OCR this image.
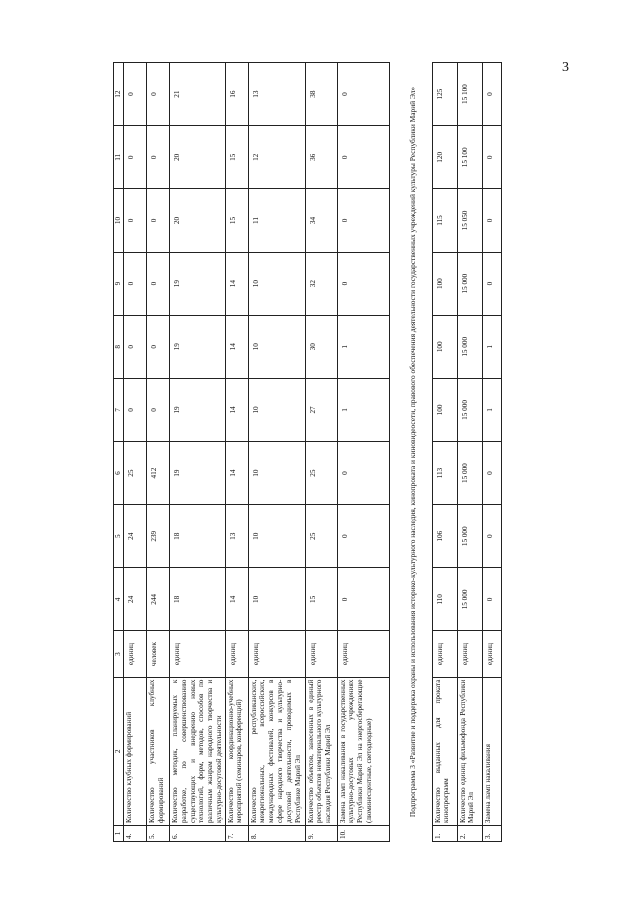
3
1	2	3	4	5	6	7	8	9	10	11	12
4.	Количество клубных формирований	единиц	24	24	25	0	0	0	0	0	0
5.	Количество участников клубных формирований	человек	244	239	412	0	0	0	0	0	0
6.	Количество методик, планируемых к разработке, по совершенствованию существующих и внедрению новых технологий, форм, методов, способов по различным жанрам народного творчества и культурно-досуговой деятельности	единиц	18	18	19	19	19	19	20	20	21
7.	Количество координационно-учебных мероприятий (семинаров, конференций)	единиц	14	13	14	14	14	14	15	15	16
8.	Количество республиканских, межрегиональных, всероссийских, международных фестивалей, конкурсов в сфере народного творчества и культурно-досуговой деятельности, проводимых в Республике Марий Эл	единиц	10	10	10	10	10	10	11	12	13
9.	Количество объектов, занесенных в единый реестр объектов нематериального культурного наследия Республики Марий Эл	единиц	15	25	25	27	30	32	34	36	38
10.	Замена ламп накаливания в государственных культурно-досуговых учреждениях Республики Марий Эл на энергосберегающие (люминесцентные, светодиодные)	единиц	0	0	0	1	1	0	0	0	0
Подпрограмма 3 «Развитие и поддержка охраны и использования историко-культурного наследия, кинопроката и киновидеосети, правового обеспечения деятельности государственных учреждений культуры Республики Марий Эл»											
1.	Количество выданных для проката кинопрограмм	единиц	110	106	113	100	100	100	115	120	125
2.	Количество единиц фильмофонда Республики Марий Эл	единиц	15 000	15 000	15 000	15 000	15 000	15 000	15 050	15 100	15 100
3.	Замена ламп накаливания	единиц	0	0	0	1	1	0	0	0	0
